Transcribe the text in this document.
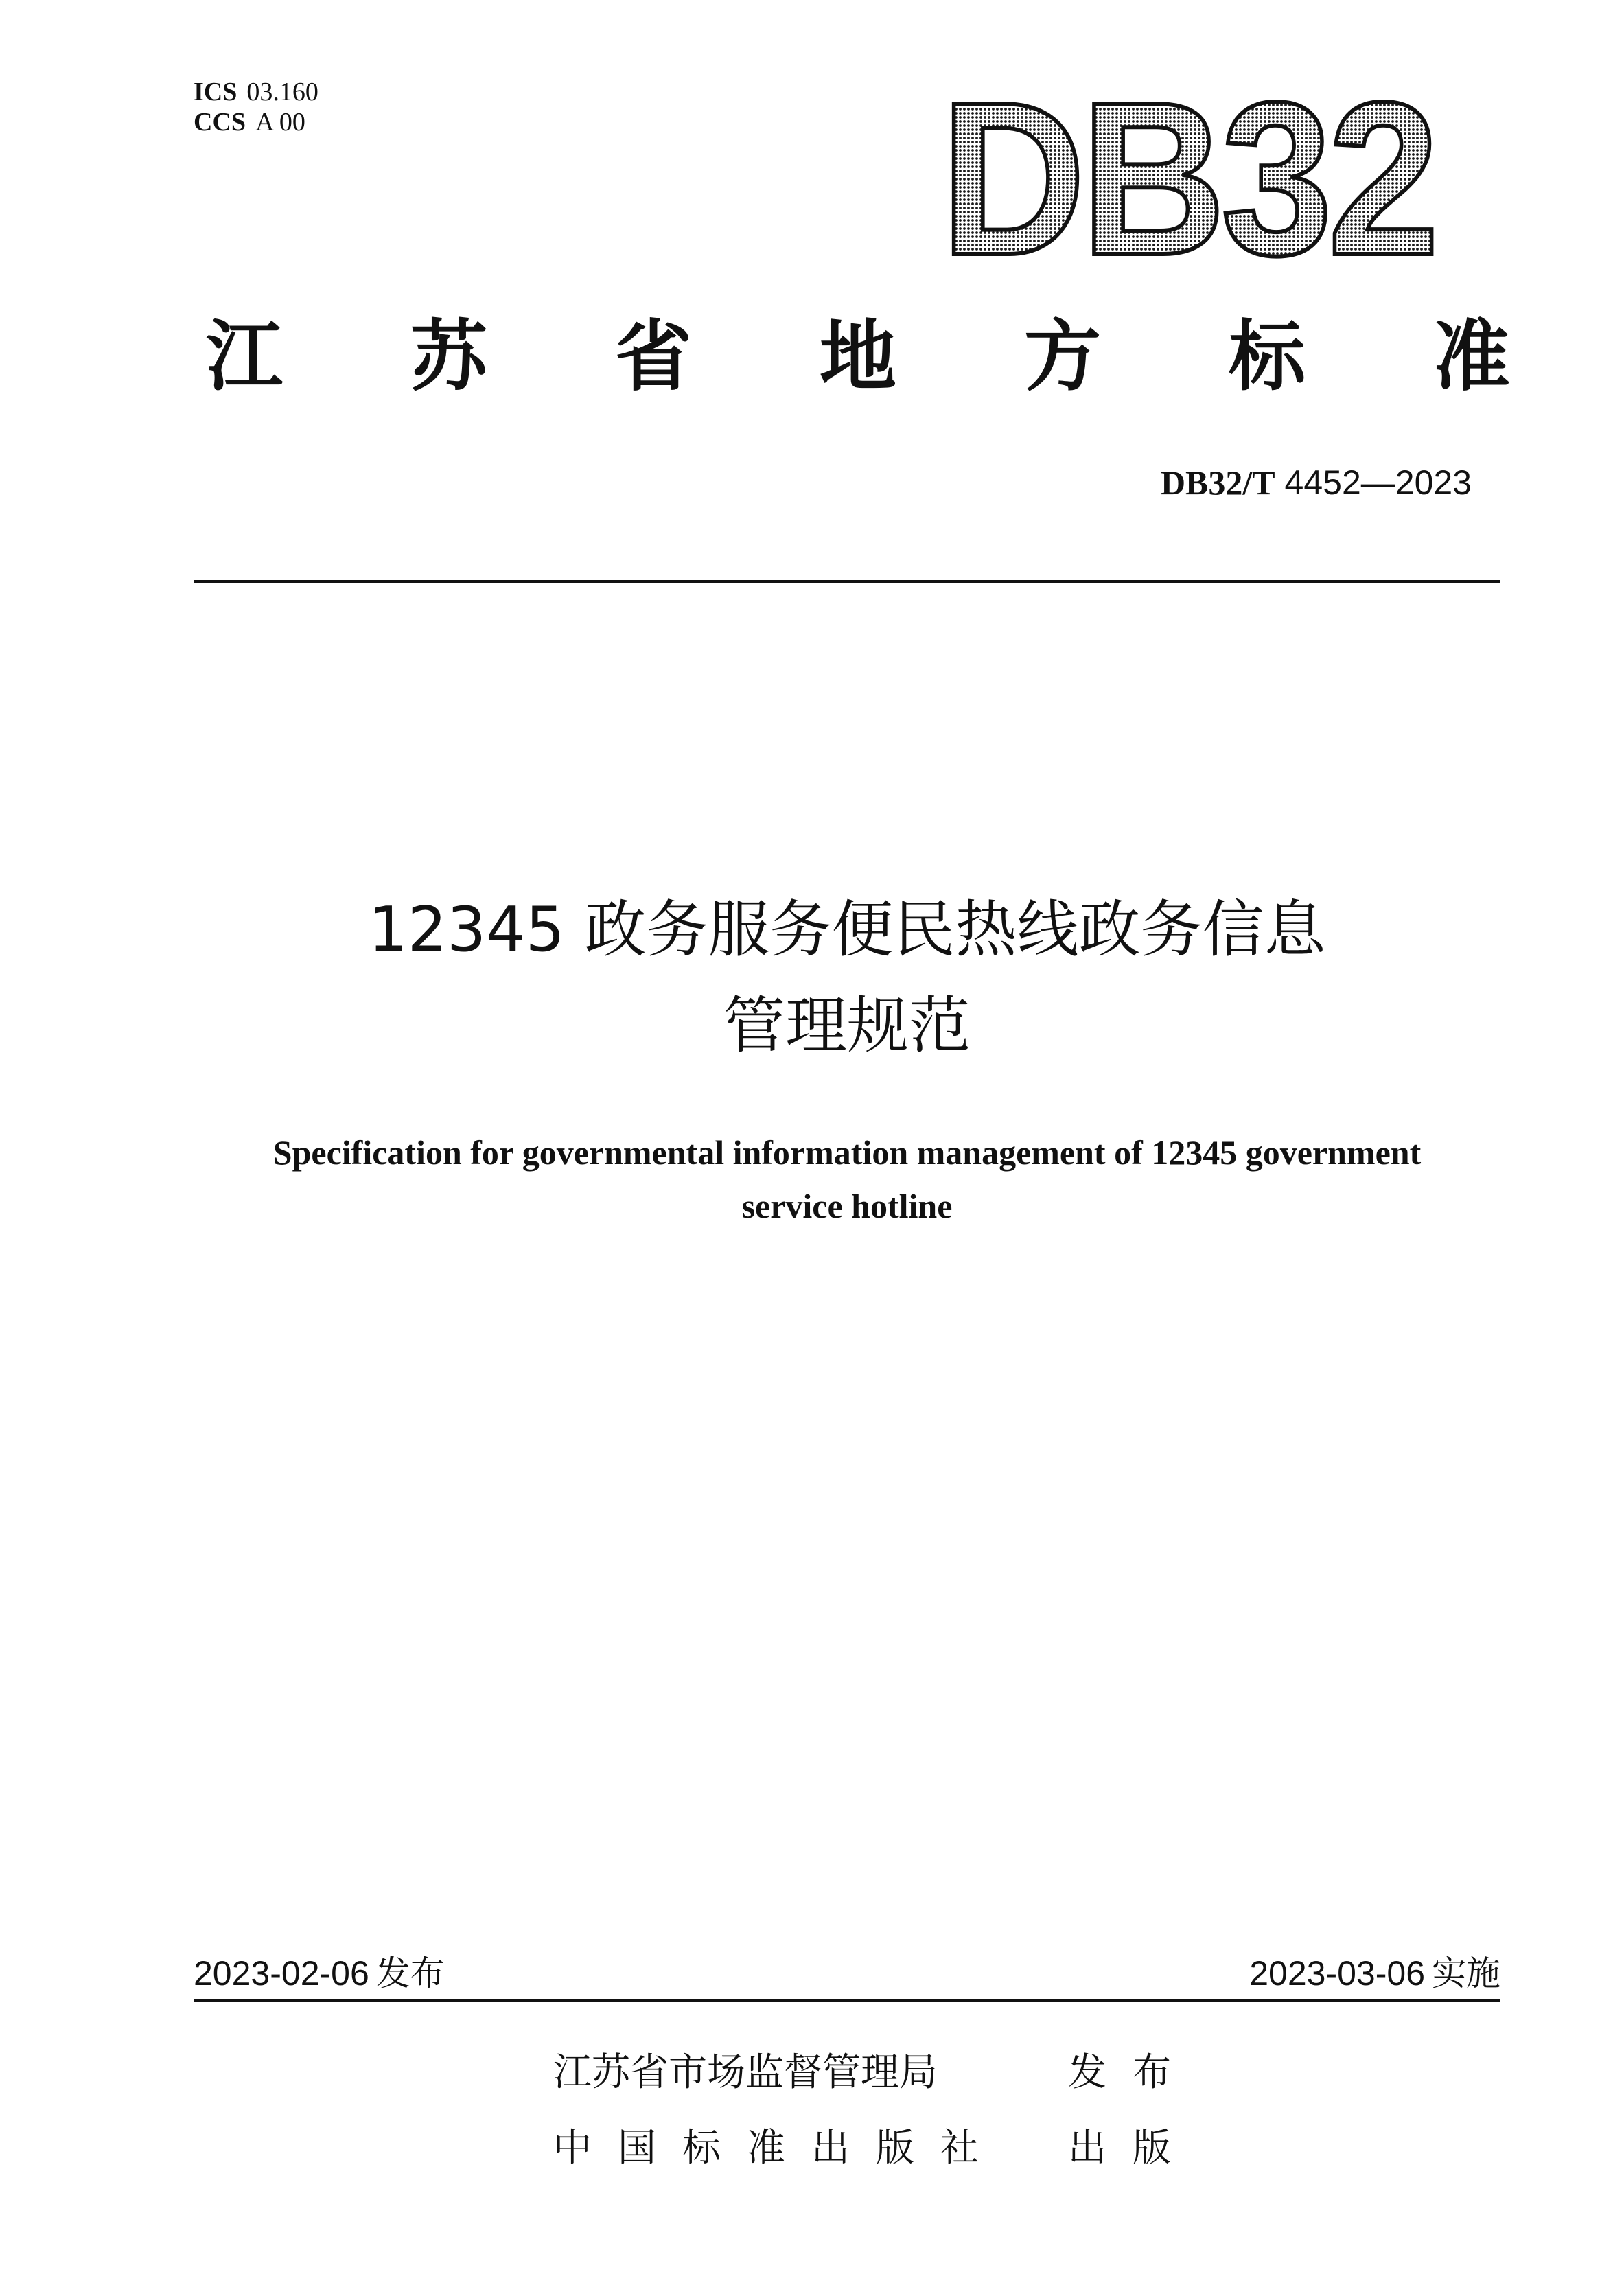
ICS 03.160
CCS A 00	DB32
江 苏 省 地 方 标 准
DB32/T 4452—2023
12345 政务服务便民热线政务信息
管理规范
Specification for governmental information management of 12345 government
service hotline
2023-02-06 发布	2023-03-06 实施
江苏省市场监督管理局	发 布
中 国 标 准 出 版 社 出 版
